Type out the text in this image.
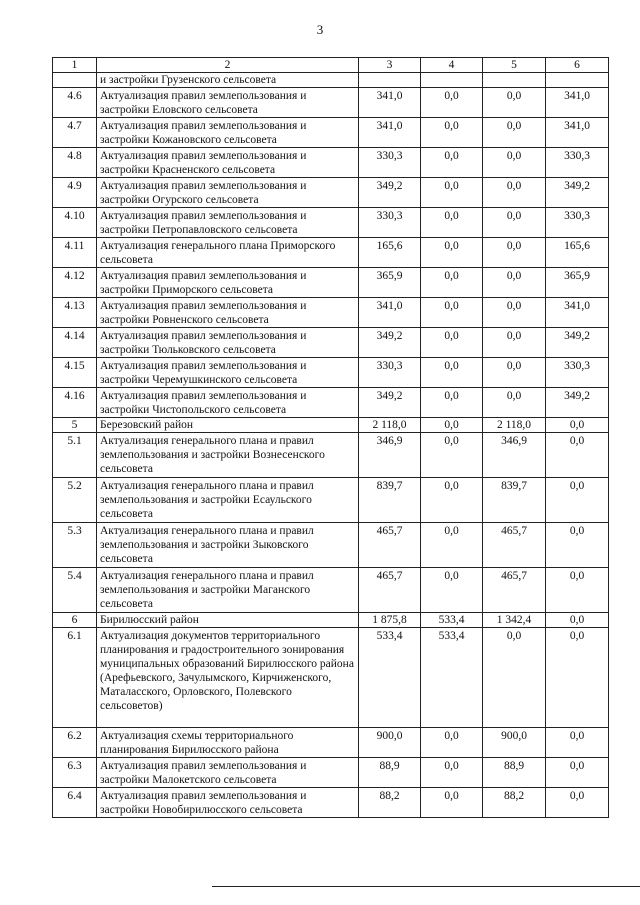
3
1	2	3	4	5	6
	и застройки Грузенского сельсовета				
4.6	Актуализация правил землепользования и застройки Еловского сельсовета	341,0	0,0	0,0	341,0
4.7	Актуализация правил землепользования и застройки Кожановского сельсовета	341,0	0,0	0,0	341,0
4.8	Актуализация правил землепользования и застройки Красненского сельсовета	330,3	0,0	0,0	330,3
4.9	Актуализация правил землепользования и застройки Огурского сельсовета	349,2	0,0	0,0	349,2
4.10	Актуализация правил землепользования и застройки Петропавловского сельсовета	330,3	0,0	0,0	330,3
4.11	Актуализация генерального плана Приморского сельсовета	165,6	0,0	0,0	165,6
4.12	Актуализация правил землепользования и застройки Приморского сельсовета	365,9	0,0	0,0	365,9
4.13	Актуализация правил землепользования и застройки Ровненского сельсовета	341,0	0,0	0,0	341,0
4.14	Актуализация правил землепользования и застройки Тюльковского сельсовета	349,2	0,0	0,0	349,2
4.15	Актуализация правил землепользования и застройки Черемушкинского сельсовета	330,3	0,0	0,0	330,3
4.16	Актуализация правил землепользования и застройки Чистопольского сельсовета	349,2	0,0	0,0	349,2
5	Березовский район	2 118,0	0,0	2 118,0	0,0
5.1	Актуализация генерального плана и правил землепользования и застройки Вознесенского сельсовета	346,9	0,0	346,9	0,0
5.2	Актуализация генерального плана и правил землепользования и застройки Есаульского сельсовета	839,7	0,0	839,7	0,0
5.3	Актуализация генерального плана и правил землепользования и застройки Зыковского сельсовета	465,7	0,0	465,7	0,0
5.4	Актуализация генерального плана и правил землепользования и застройки Маганского сельсовета	465,7	0,0	465,7	0,0
6	Бирилюсский район	1 875,8	533,4	1 342,4	0,0
6.1	Актуализация документов территориального планирования и градостроительного зонирования муниципальных образований Бирилюсского района (Арефьевского, Зачулымского, Кирчиженского, Маталасского, Орловского, Полевского сельсоветов)	533,4	533,4	0,0	0,0
6.2	Актуализация схемы территориального планирования Бирилюсского района	900,0	0,0	900,0	0,0
6.3	Актуализация правил землепользования и застройки Малокетского сельсовета	88,9	0,0	88,9	0,0
6.4	Актуализация правил землепользования и застройки Новобирилюсского сельсовета	88,2	0,0	88,2	0,0
